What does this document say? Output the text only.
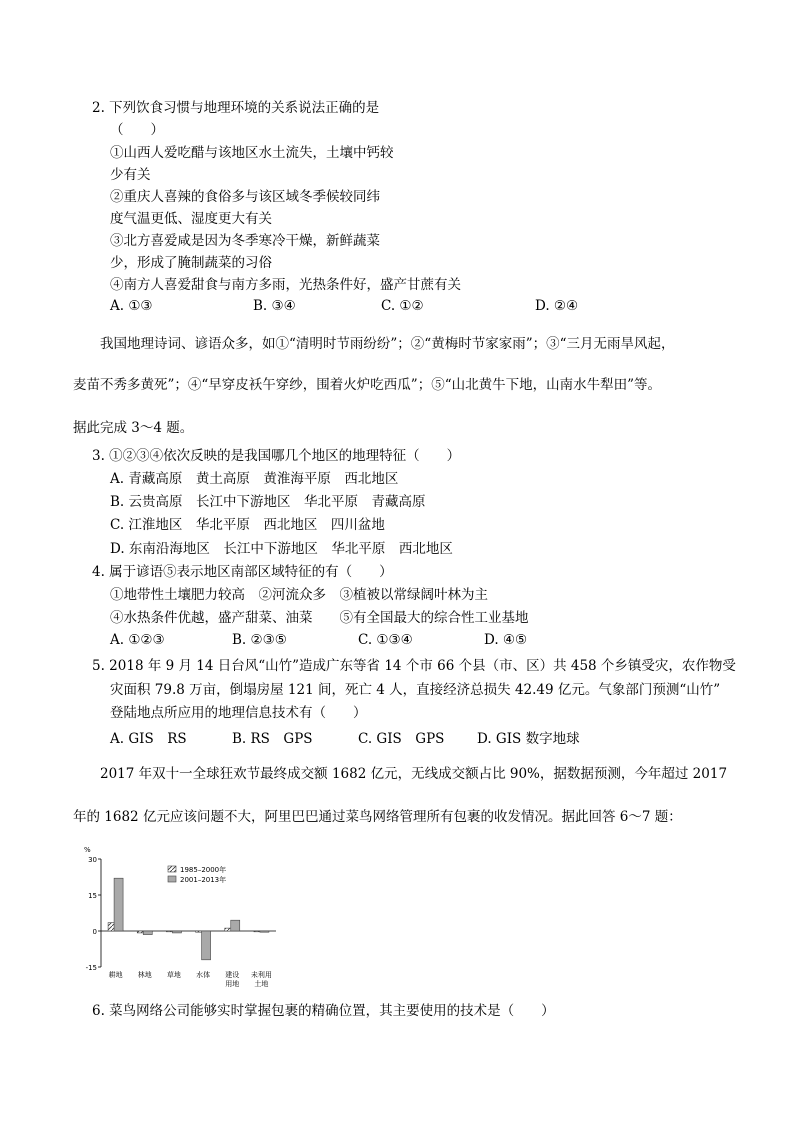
2. 下列饮食习惯与地理环境的关系说法正确的是
（　　）
①山西人爱吃醋与该地区水土流失，土壤中钙较
少有关
②重庆人喜辣的食俗多与该区域冬季候较同纬
度气温更低、湿度更大有关
③北方喜爱咸是因为冬季寒冷干燥，新鲜蔬菜
少，形成了腌制蔬菜的习俗
④南方人喜爱甜食与南方多雨，光热条件好，盛产甘蔗有关
A. ①③	B. ③④	C. ①②	D. ②④
我国地理诗词、谚语众多，如①“清明时节雨纷纷”；②“黄梅时节家家雨”；③“三月无雨旱风起，
麦苗不秀多黄死”；④“早穿皮袄午穿纱，围着火炉吃西瓜”；⑤“山北黄牛下地，山南水牛犁田”等。
据此完成 3～4 题。
3. ①②③④依次反映的是我国哪几个地区的地理特征（　　）
A. 青藏高原　黄土高原　黄淮海平原　西北地区
B. 云贵高原　长江中下游地区　华北平原　青藏高原
C. 江淮地区　华北平原　西北地区　四川盆地
D. 东南沿海地区　长江中下游地区　华北平原　西北地区
4. 属于谚语⑤表示地区南部区域特征的有（　　）
①地带性土壤肥力较高　②河流众多　③植被以常绿阔叶林为主
④水热条件优越，盛产甜菜、油菜　　⑤有全国最大的综合性工业基地
A. ①②③	B. ②③⑤	C. ①③④	D. ④⑤
5. 2018 年 9 月 14 日台风“山竹”造成广东等省 14 个市 66 个县（市、区）共 458 个乡镇受灾，农作物受
灾面积 79.8 万亩，倒塌房屋 121 间，死亡 4 人，直接经济总损失 42.49 亿元。气象部门预测“山竹”
登陆地点所应用的地理信息技术有（　　）
A. GIS　RS	B. RS　GPS	C. GIS　GPS D. GIS 数字地球
2017 年双十一全球狂欢节最终成交额 1682 亿元，无线成交额占比 90%，据数据预测，今年超过 2017
年的 1682 亿元应该问题不大，阿里巴巴通过菜鸟网络管理所有包裹的收发情况。据此回答 6～7 题：
%
30
15
0
-15
耕地 林地 草地 水体 建设
用地
未利用
土地
1985–2000年
2001–2013年
6. 菜鸟网络公司能够实时掌握包裹的精确位置，其主要使用的技术是（　　）
